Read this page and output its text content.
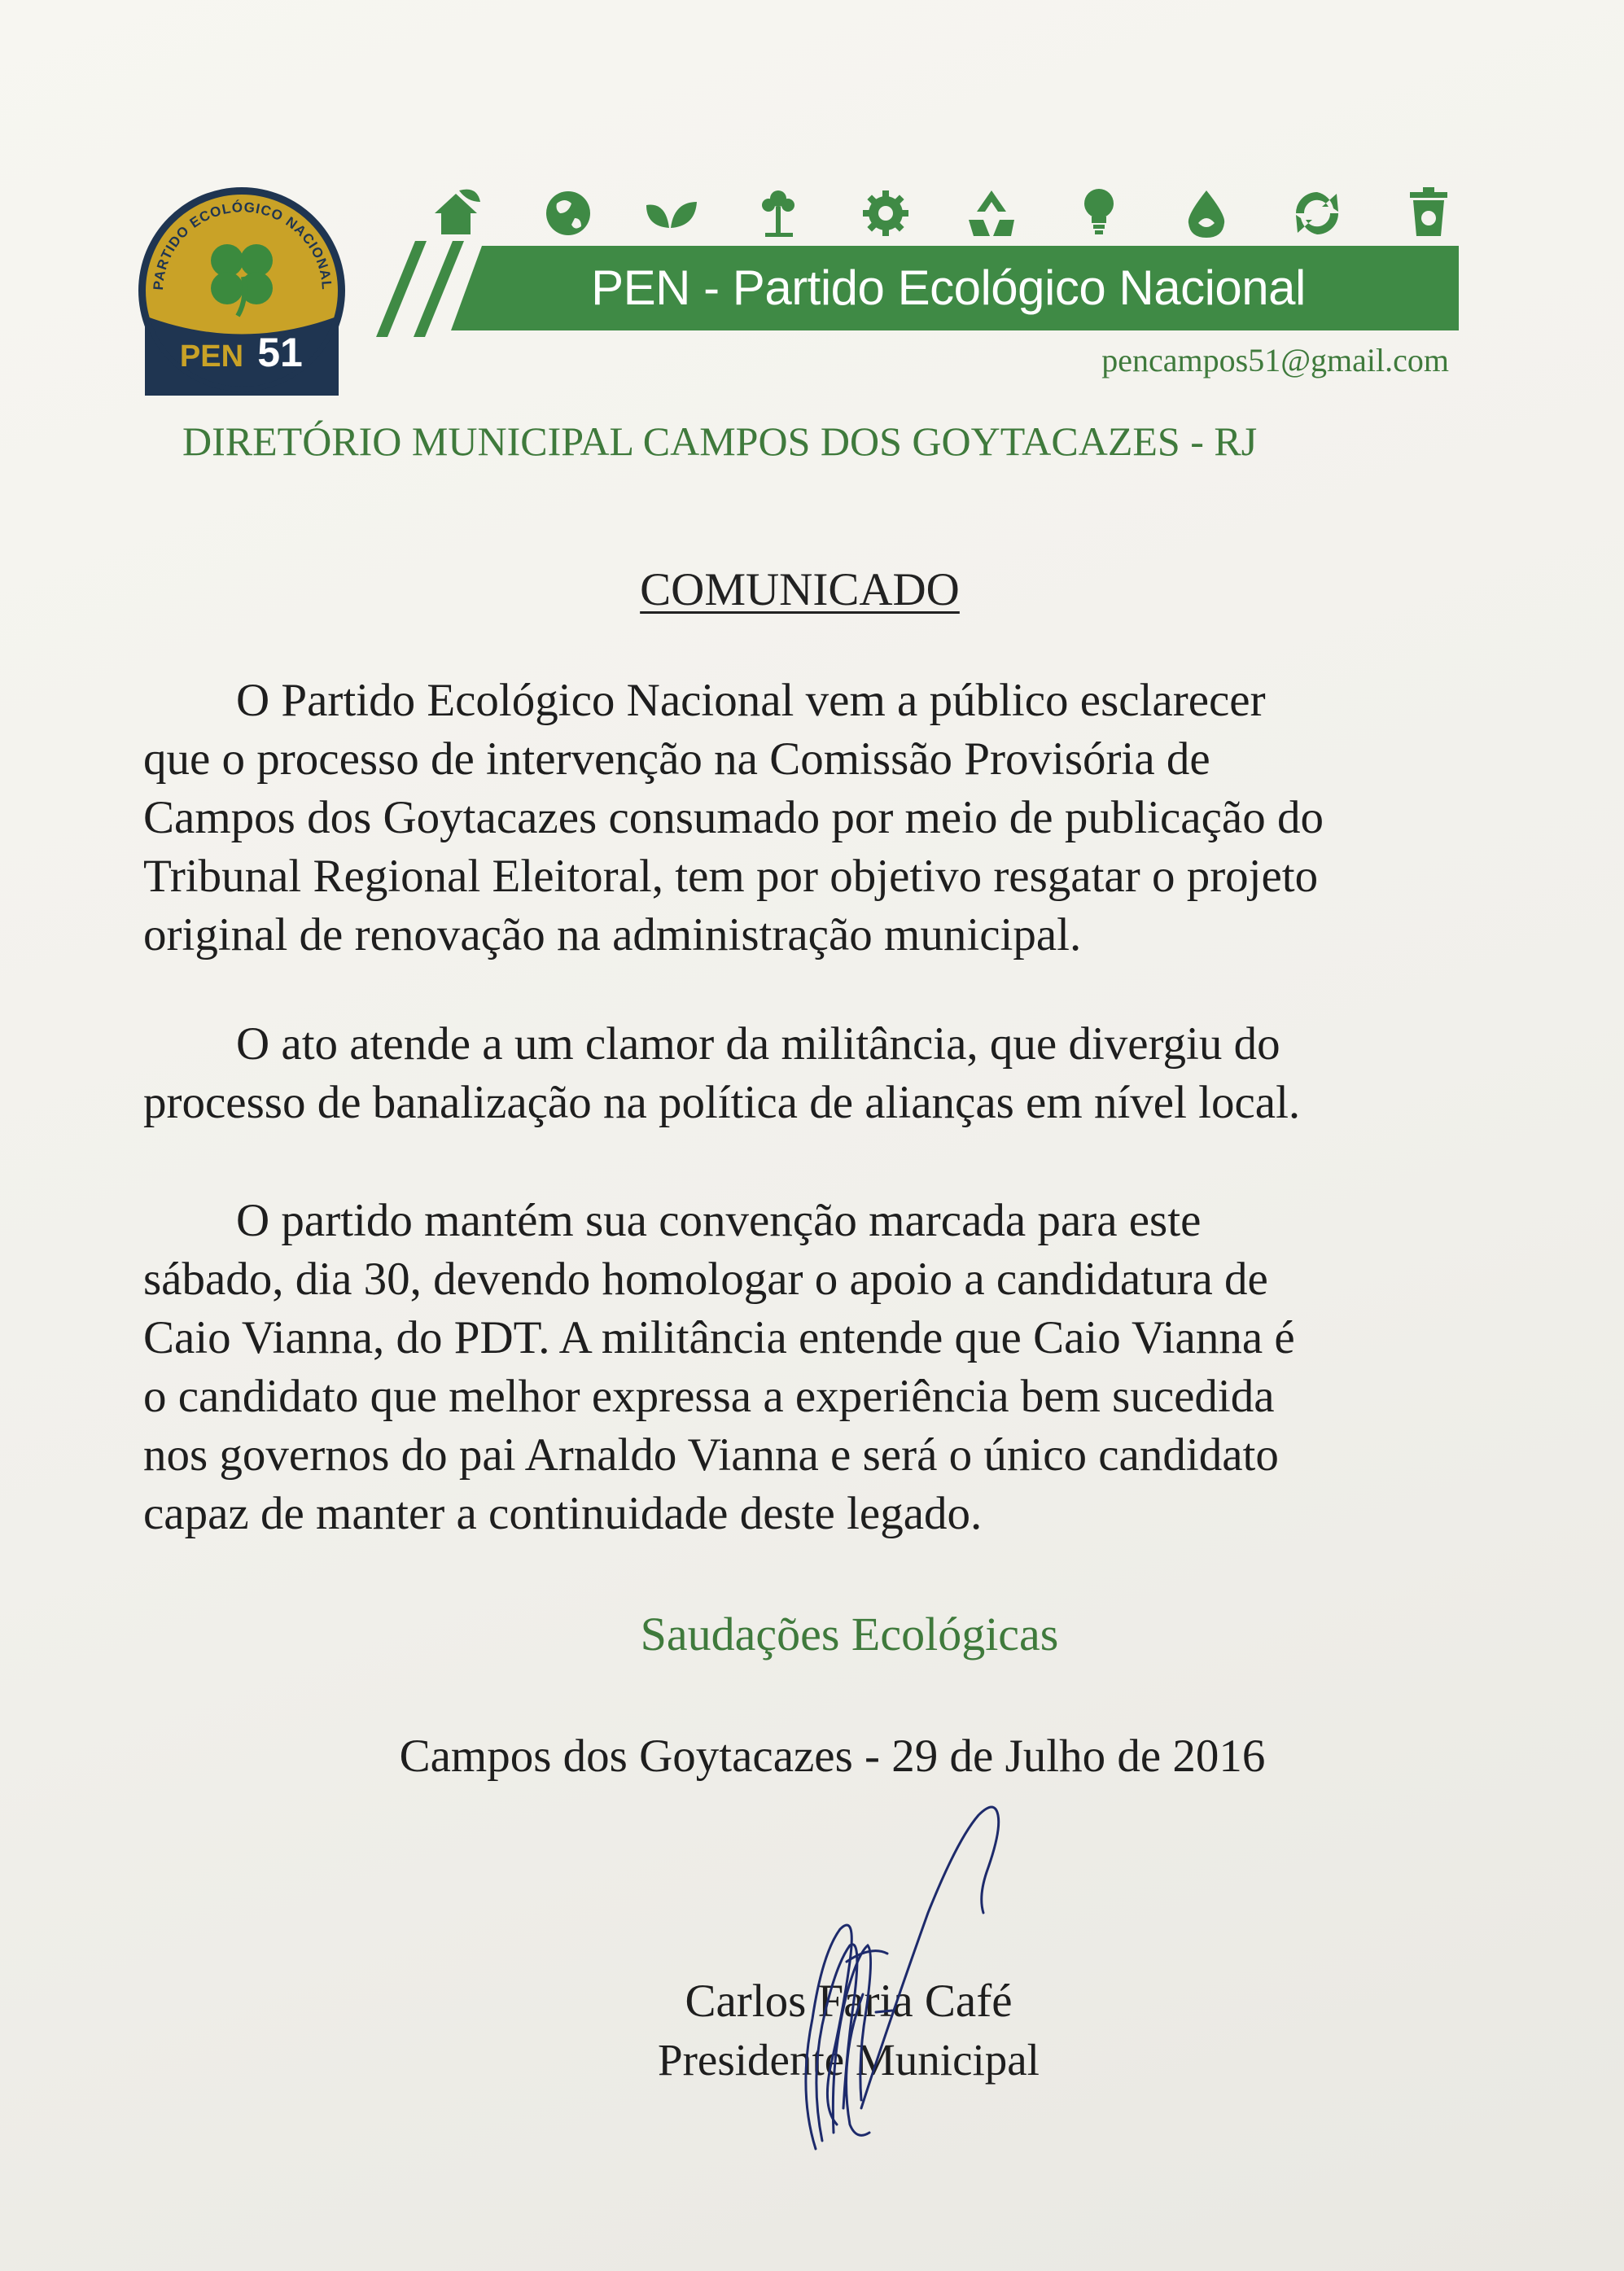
PARTIDO ECOLÓGICO NACIONAL
PEN 51
PEN - Partido Ecológico Nacional
pencampos51@gmail.com
DIRETÓRIO MUNICIPAL CAMPOS DOS GOYTACAZES - RJ
COMUNICADO
O Partido Ecológico Nacional vem a público esclarecer
que o processo de intervenção na Comissão Provisória de
Campos dos Goytacazes consumado por meio de publicação do
Tribunal Regional Eleitoral, tem por objetivo resgatar o projeto
original de renovação na administração municipal.
O ato atende a um clamor da militância, que divergiu do
processo de banalização na política de alianças em nível local.
O partido mantém sua convenção marcada para este
sábado, dia 30, devendo homologar o apoio a candidatura de
Caio Vianna, do PDT. A militância entende que Caio Vianna é
o candidato que melhor expressa a experiência bem sucedida
nos governos do pai Arnaldo Vianna e será o único candidato
capaz de manter a continuidade deste legado.
Saudações Ecológicas
Campos dos Goytacazes - 29 de Julho de 2016
Carlos Faria Café
Presidente Municipal
